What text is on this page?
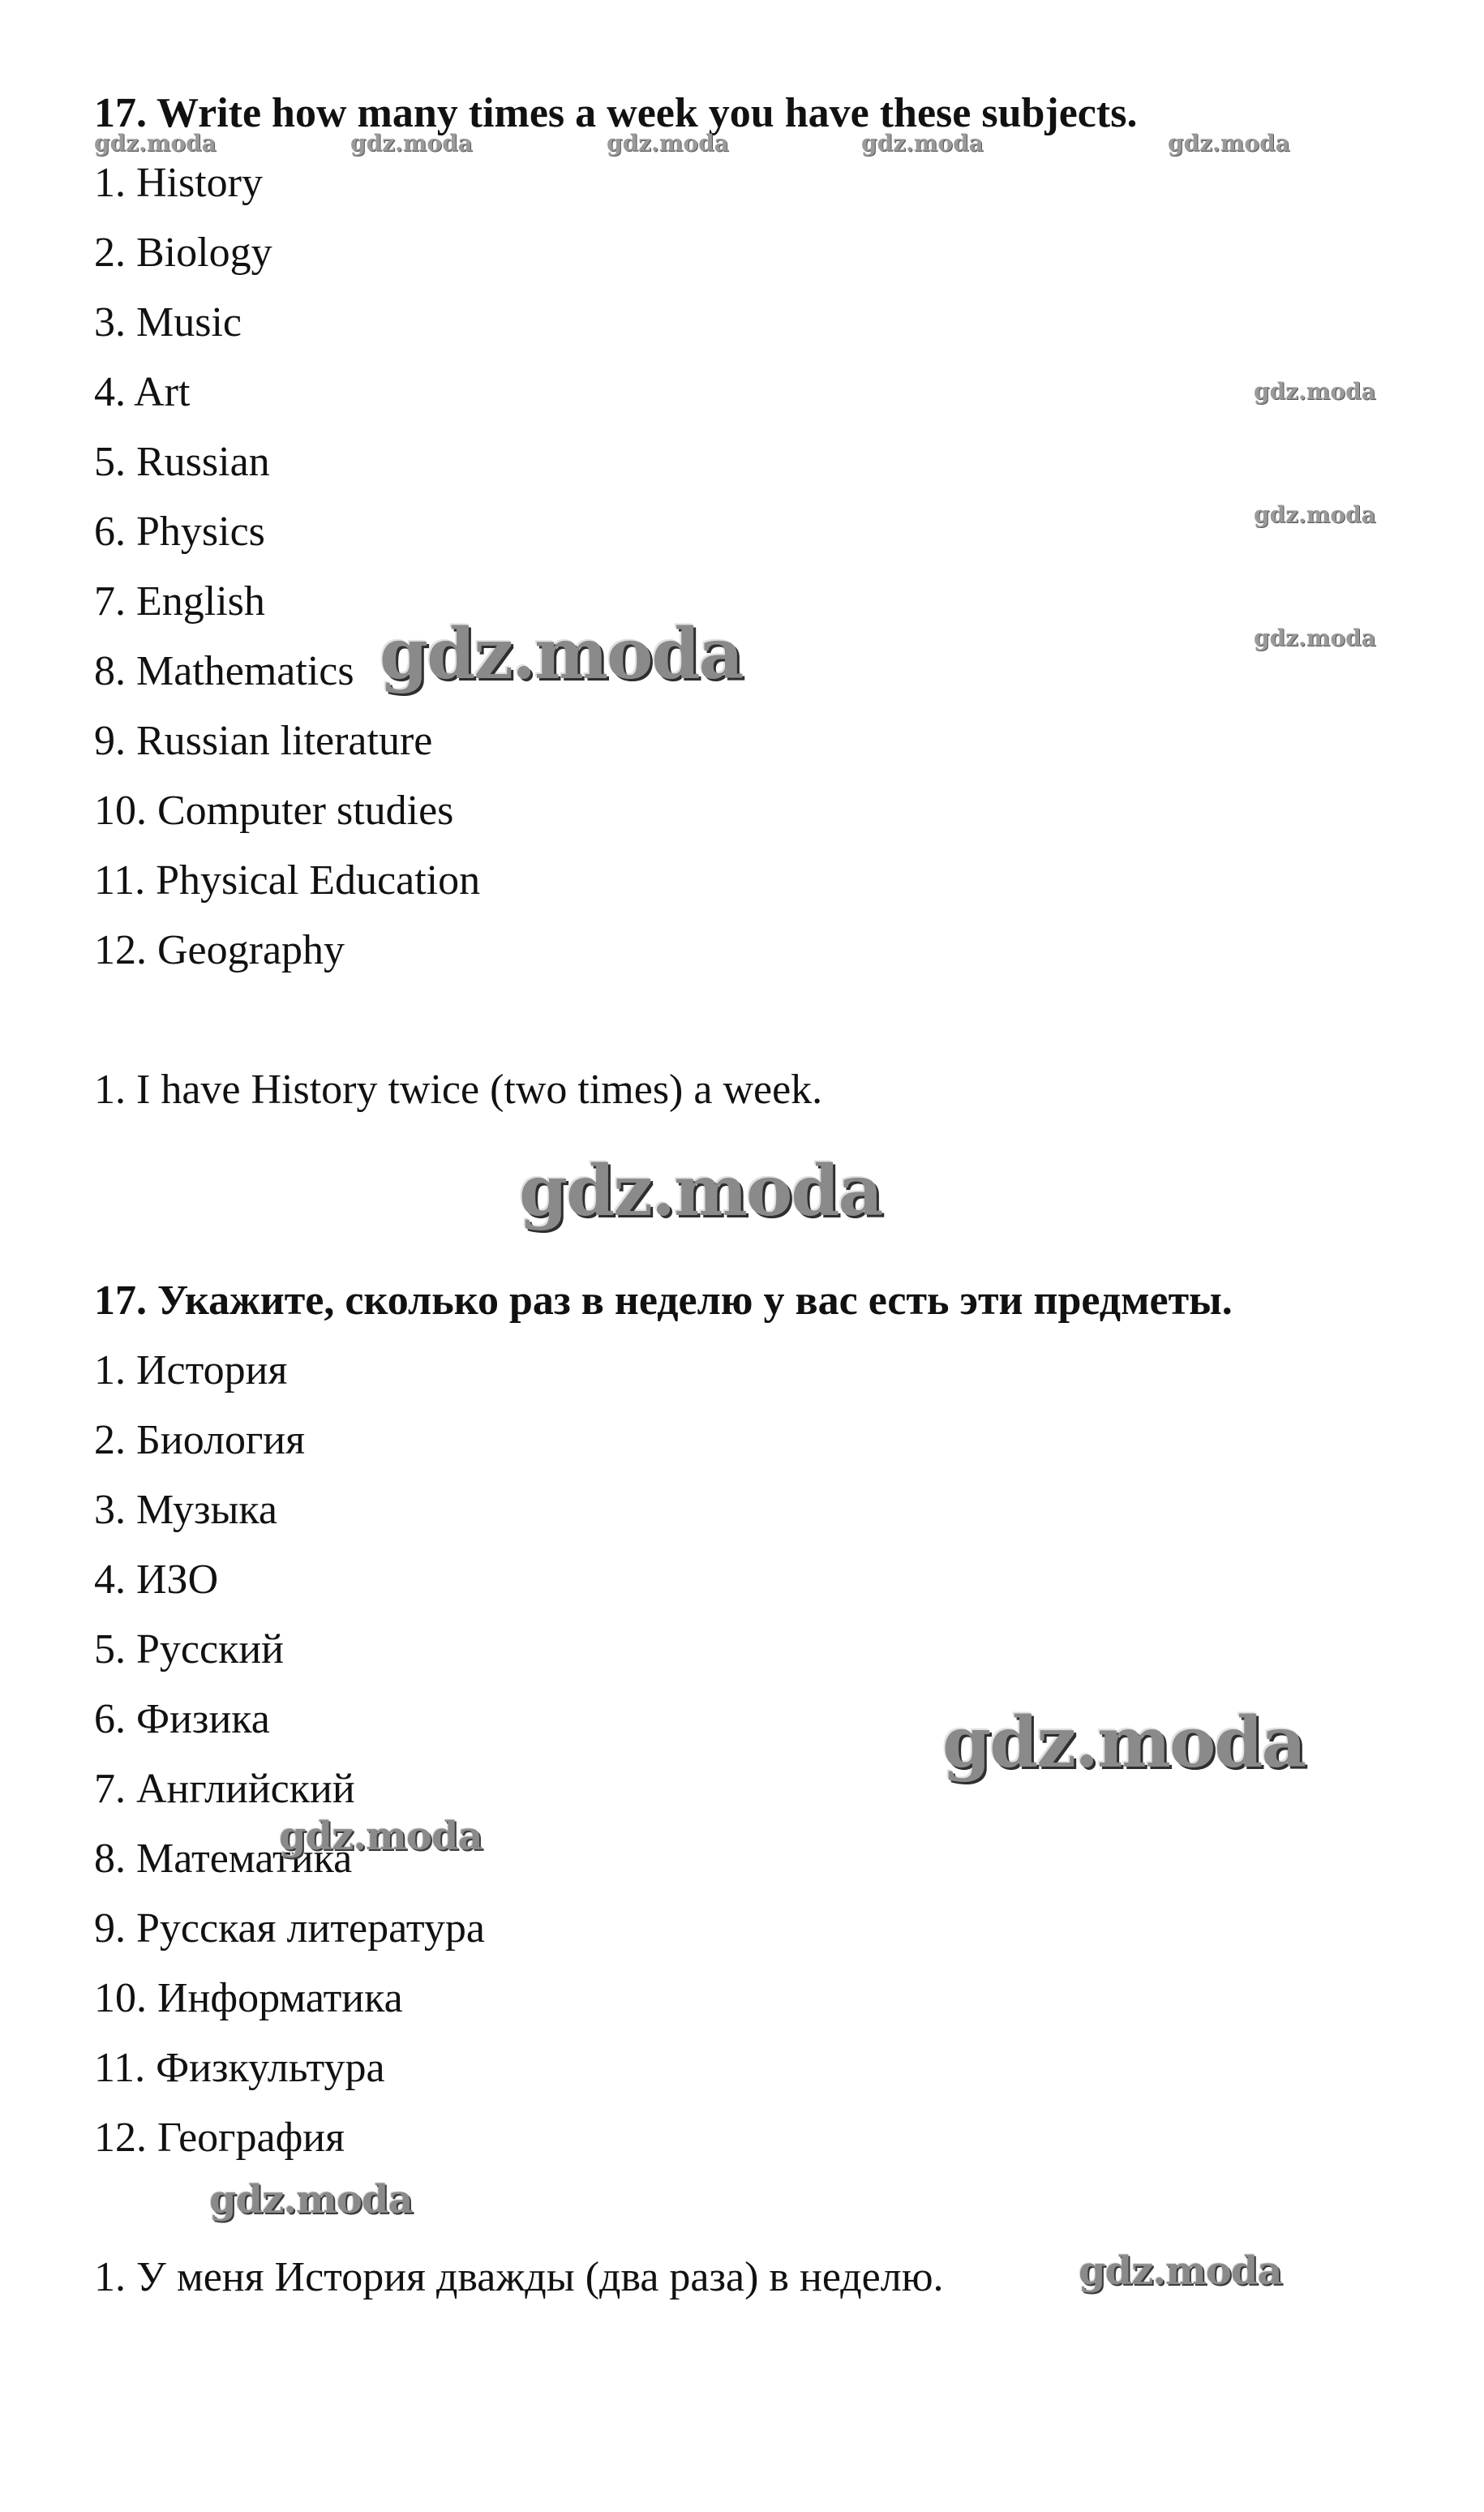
17. Write how many times a week you have these subjects.
1. History
2. Biology
3. Music
4. Art
5. Russian
6. Physics
7. English
8. Mathematics
9. Russian literature
10. Computer studies
11. Physical Education
12. Geography
1. I have History twice (two times) a week.
17. Укажите, сколько раз в неделю у вас есть эти предметы.
1. История
2. Биология
3. Музыка
4. ИЗО
5. Русский
6. Физика
7. Английский
8. Математика
9. Русская литература
10. Информатика
11. Физкультура
12. География
1. У меня История дважды (два раза) в неделю.
gdz.moda	gdz.moda	gdz.moda	gdz.moda	gdz.moda
gdz.moda
gdz.moda
gdz.moda
gdz.moda
gdz.moda
gdz.moda
gdz.moda
gdz.moda
gdz.moda
